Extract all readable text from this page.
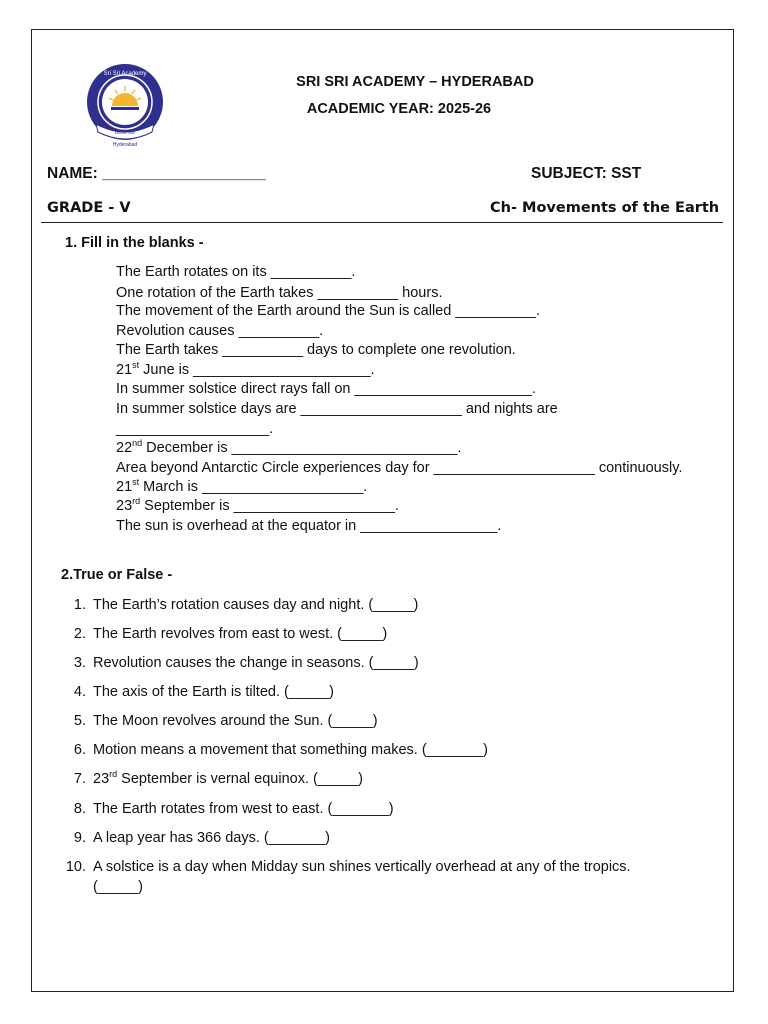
Sri Sri Academy
Eternal Truth
Hyderabad
SRI SRI ACADEMY – HYDERABAD
ACADEMIC YEAR: 2025-26
NAME: ___________________	SUBJECT: SST
GRADE - V	Ch- Movements of the Earth
1. Fill in the blanks -
The Earth rotates on its __________.
One rotation of the Earth takes __________ hours.
The movement of the Earth around the Sun is called __________.
Revolution causes __________.
The Earth takes __________ days to complete one revolution.
21st June is ______________________.
In summer solstice direct rays fall on ______________________.
In summer solstice days are ____________________ and nights are
___________________.
22nd December is ____________________________.
Area beyond Antarctic Circle experiences day for ____________________ continuously.
21st March is ____________________.
23rd September is ____________________.
The sun is overhead at the equator in _________________.
2.True or False -
1. The Earth’s rotation causes day and night. (_____)
2. The Earth revolves from east to west. (_____)
3. Revolution causes the change in seasons. (_____)
4. The axis of the Earth is tilted. (_____)
5. The Moon revolves around the Sun. (_____)
6. Motion means a movement that something makes. (_______)
7. 23rd September is vernal equinox. (_____)
8. The Earth rotates from west to east. (_______)
9. A leap year has 366 days. (_______)
10. A solstice is a day when Midday sun shines vertically overhead at any of the tropics.
(_____)
